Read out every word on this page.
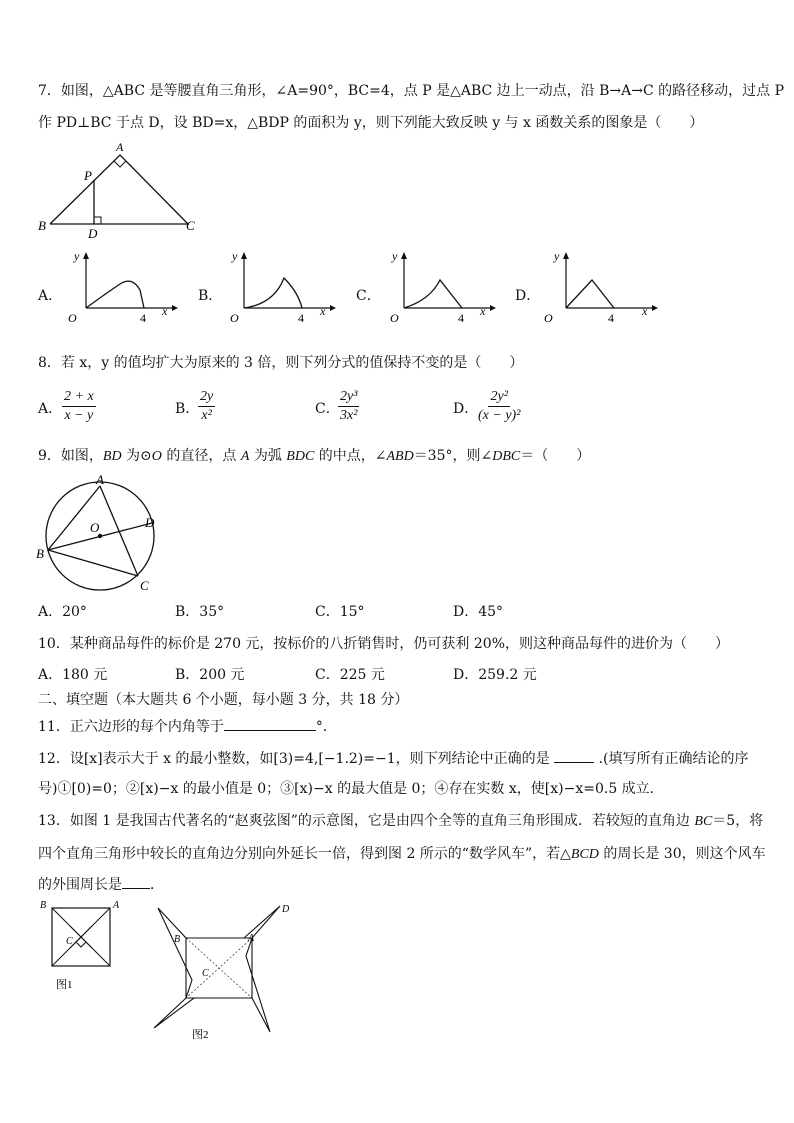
7．如图，△ABC 是等腰直角三角形，∠A=90°，BC=4，点 P 是△ABC 边上一动点，沿 B→A→C 的路径移动，过点 P
作 PD⊥BC 于点 D，设 BD=x，△BDP 的面积为 y，则下列能大致反映 y 与 x 函数关系的图象是（　　）
A
P
B
D
C
A．
y
x
O	4
B．
y
x
O	4
C．
y
x
O	4
D．
y
x
O	4
8．若 x，y 的值均扩大为原来的 3 倍，则下列分式的值保持不变的是（　　）
A． $\frac{2 + x}{x - y}$	B．
$\frac{2y}{\text{x²}}$	C．
$\frac{\text{2y³}}{\text{3x²}}$	D．
$\frac{\text{2y²}}{\text{(x − y)²}}$
9．如图，BD 为⊙O 的直径，点 A 为弧 BDC 的中点，∠ABD＝35°，则∠DBC＝（　　）
A
O	D
B
C
A．20°	B．35°	C．15°	D．45°
10．某种商品每件的标价是 270 元，按标价的八折销售时，仍可获利 20%，则这种商品每件的进价为（　　）
A．180 元	B．200 元	C．225 元	D．259.2 元
二、填空题（本大题共 6 个小题，每小题 3 分，共 18 分）
11．正六边形的每个内角等于	°．
12．设[x]表示大于 x 的最小整数，如[3)=4,[−1.2)=−1，则下列结论中正确的是	.(填写所有正确结论的序
号)①[0)=0；②[x)−x 的最小值是 0；③[x)−x 的最大值是 0；④存在实数 x，使[x)−x=0.5 成立．
13．如图 1 是我国古代著名的“赵爽弦图”的示意图，它是由四个全等的直角三角形围成．若较短的直角边 BC＝5，将
四个直角三角形中较长的直角边分别向外延长一倍，得到图 2 所示的“数学风车”，若△BCD 的周长是 30，则这个风车
的外围周长是 ．
B	A
C
图1
B	A
D
C
图2
